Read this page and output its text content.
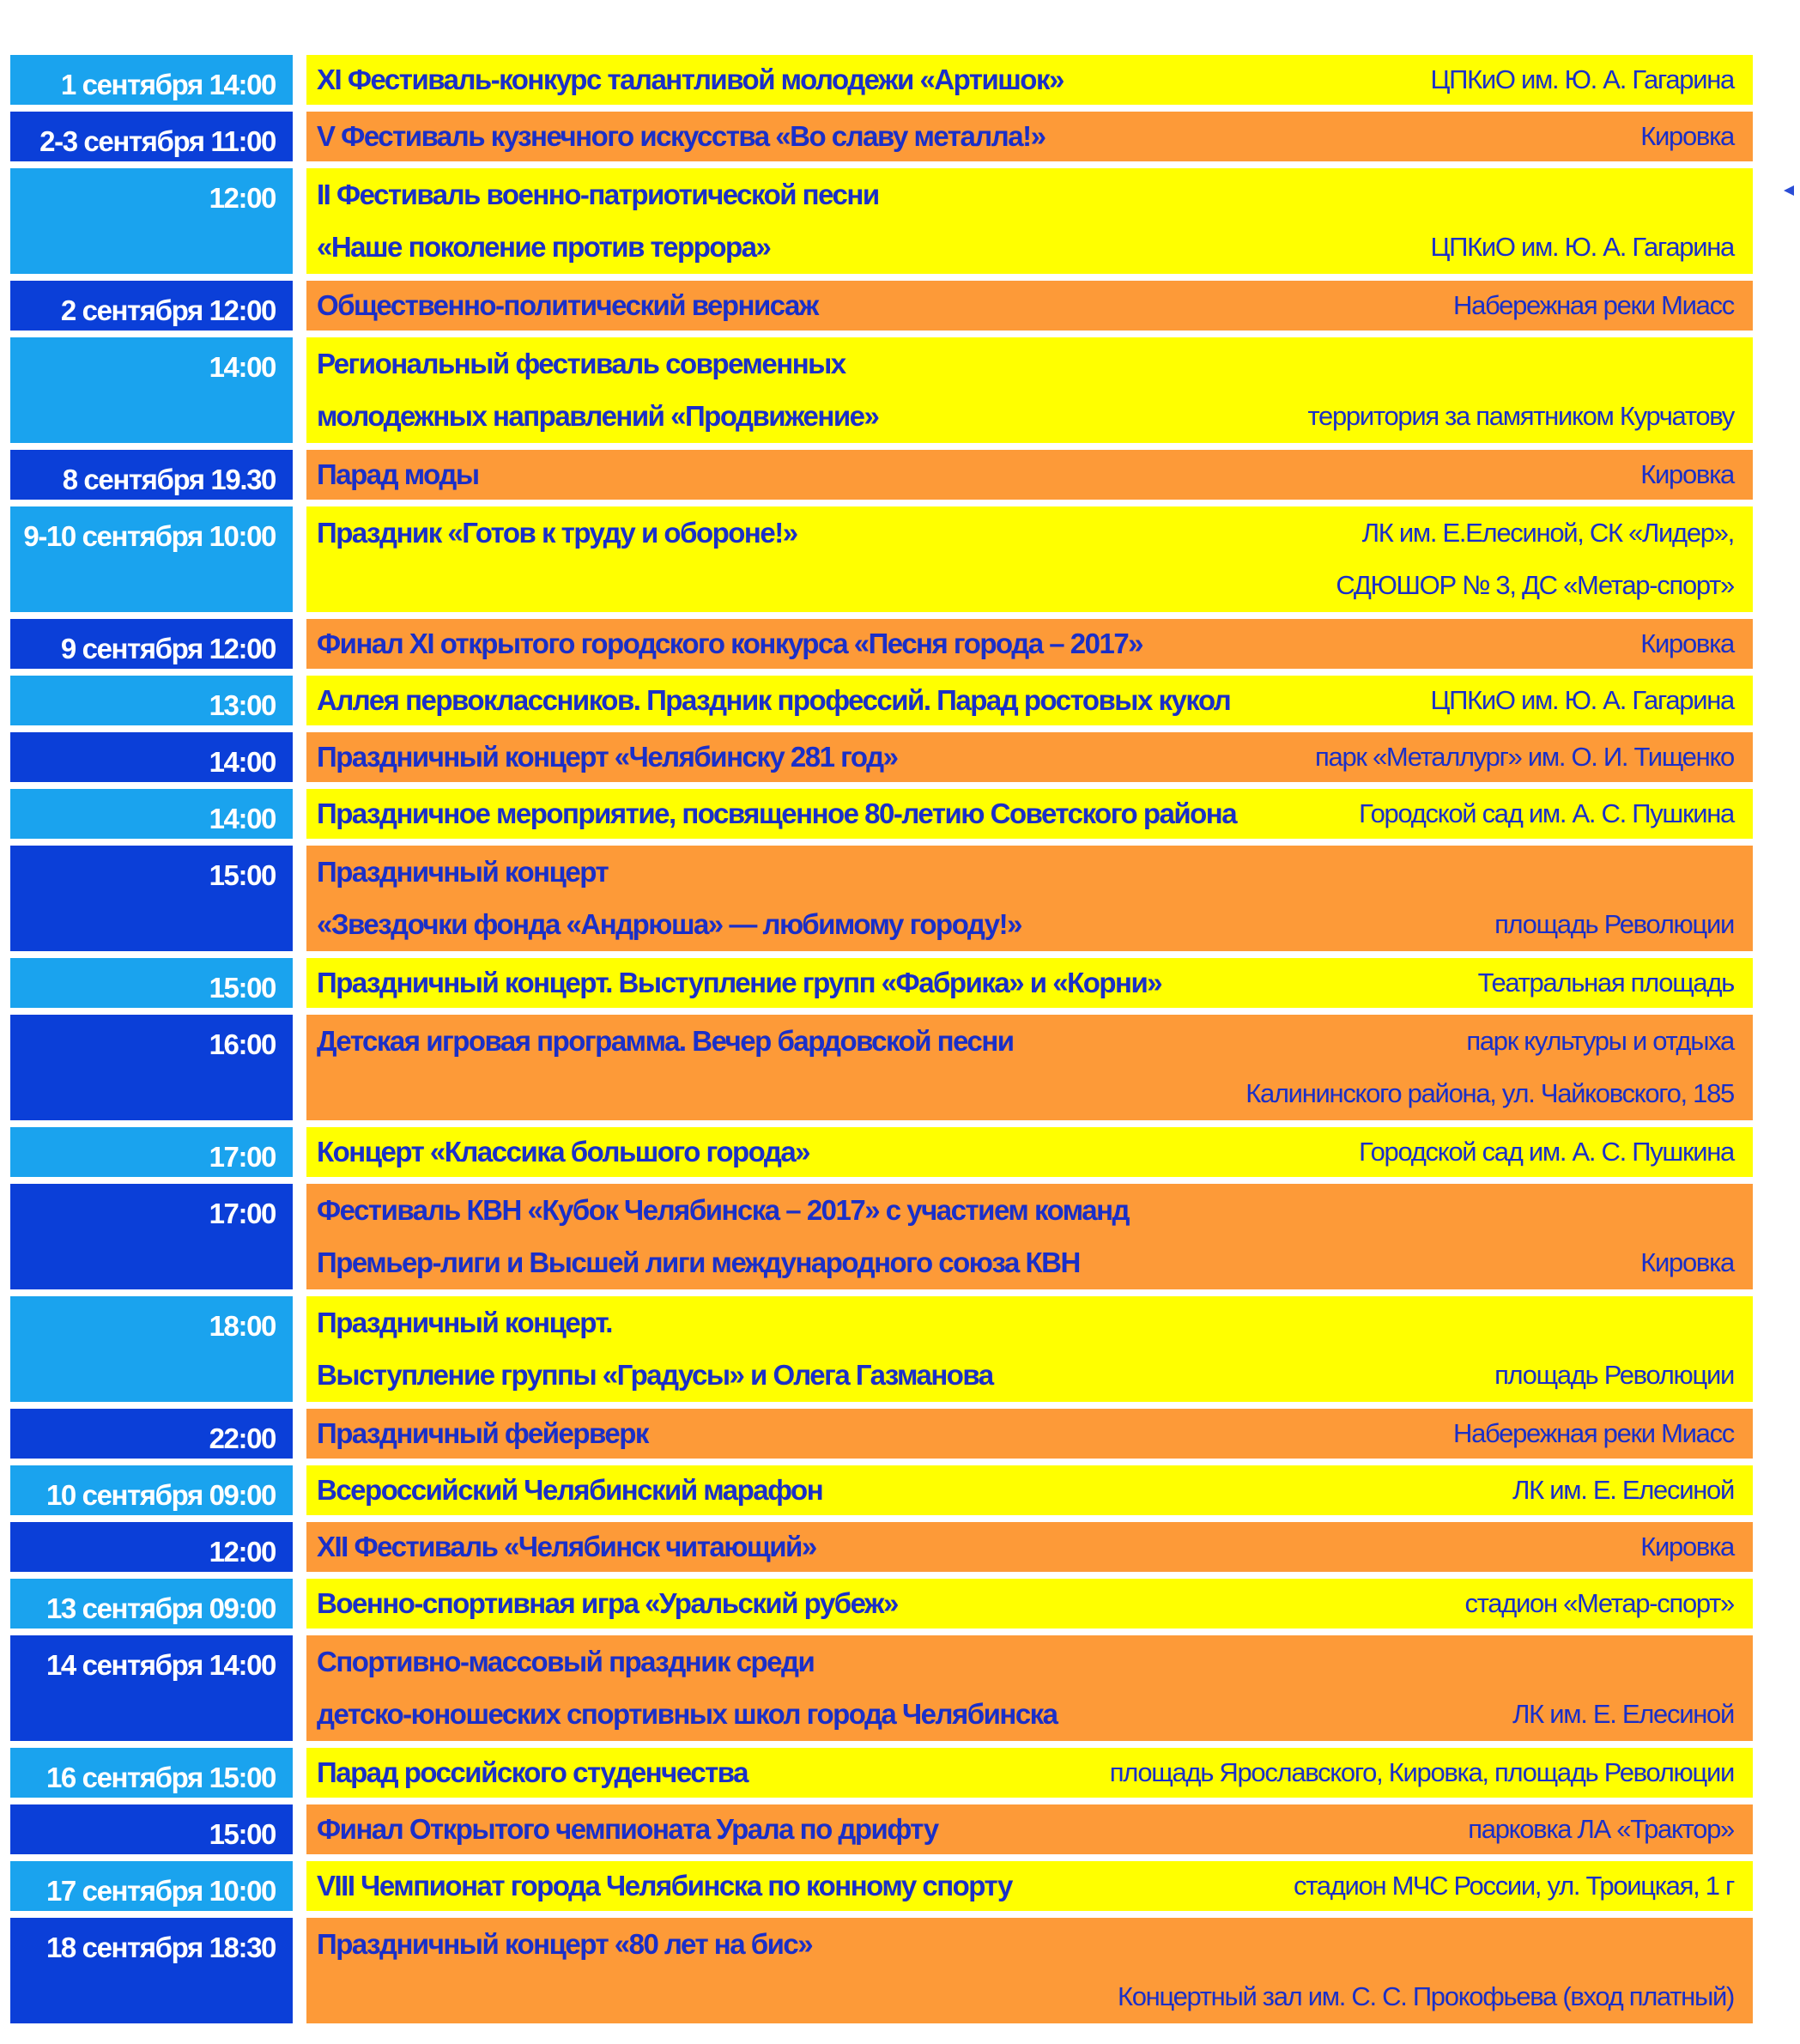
1 сентября 14:00	XI Фестиваль-конкурс талантливой молодежи «Артишок»	ЦПКиО им. Ю. А. Гагарина
2-3 сентября 11:00	V Фестиваль кузнечного искусства «Во славу металла!»	Кировка
12:00	II Фестиваль военно-патриотической песни
«Наше поколение против террора»	ЦПКиО им. Ю. А. Гагарина
2 сентября 12:00	Общественно-политический вернисаж	Набережная реки Миасс
14:00	Региональный фестиваль современных
молодежных направлений «Продвижение»	территория за памятником Курчатову
8 сентября 19.30	Парад моды	Кировка
9-10 сентября 10:00	Праздник «Готов к труду и обороне!»	ЛК им. Е.Елесиной, СК «Лидер»,
СДЮШОР № 3, ДС «Метар-спорт»
9 сентября 12:00	Финал XI открытого городского конкурса «Песня города – 2017»	Кировка
13:00	Аллея первоклассников. Праздник профессий. Парад ростовых кукол	ЦПКиО им. Ю. А. Гагарина
14:00	Праздничный концерт «Челябинску 281 год»	парк «Металлург» им. О. И. Тищенко
14:00	Праздничное мероприятие, посвященное 80-летию Советского района	Городской сад им. А. С. Пушкина
15:00	Праздничный концерт
«Звездочки фонда «Андрюша» — любимому городу!»	площадь Революции
15:00	Праздничный концерт. Выступление групп «Фабрика» и «Корни»	Театральная площадь
16:00	Детская игровая программа. Вечер бардовской песни	парк культуры и отдыха
Калининского района, ул. Чайковского, 185
17:00	Концерт «Классика большого города»	Городской сад им. А. С. Пушкина
17:00	Фестиваль КВН «Кубок Челябинска – 2017» с участием команд
Премьер-лиги и Высшей лиги международного союза КВН	Кировка
18:00	Праздничный концерт.
Выступление группы «Градусы» и Олега Газманова	площадь Революции
22:00	Праздничный фейерверк	Набережная реки Миасс
10 сентября 09:00	Всероссийский Челябинский марафон	ЛК им. Е. Елесиной
12:00	XII Фестиваль «Челябинск читающий»	Кировка
13 сентября 09:00	Военно-спортивная игра «Уральский рубеж»	стадион «Метар-спорт»
14 сентября 14:00	Спортивно-массовый праздник среди
детско-юношеских спортивных школ города Челябинска	ЛК им. Е. Елесиной
16 сентября 15:00	Парад российского студенчества	площадь Ярославского, Кировка, площадь Революции
15:00	Финал Открытого чемпионата Урала по дрифту	парковка ЛА «Трактор»
17 сентября 10:00	VIII Чемпионат города Челябинска по конному спорту	стадион МЧС России, ул. Троицкая, 1 г
18 сентября 18:30	Праздничный концерт «80 лет на бис»
Концертный зал им. С. С. Прокофьева (вход платный)
